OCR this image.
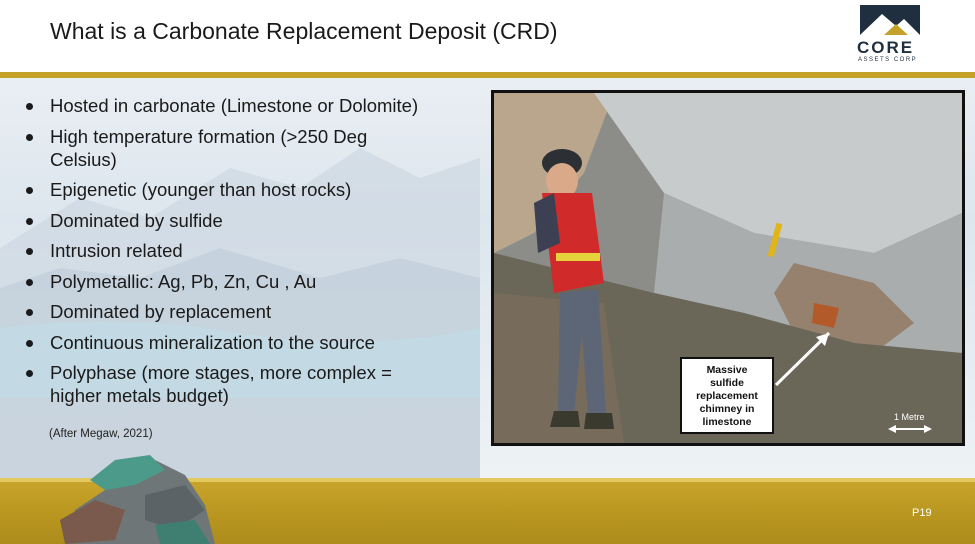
What is a Carbonate Replacement Deposit (CRD)
CORE
ASSETS CORP
Hosted in carbonate (Limestone or Dolomite)
High temperature formation (>250 Deg Celsius)
Epigenetic (younger than host rocks)
Dominated by sulfide
Intrusion related
Polymetallic: Ag, Pb, Zn, Cu , Au
Dominated by replacement
Continuous mineralization to the source
Polyphase (more stages, more complex = higher metals budget)
(After Megaw, 2021)
Massive
sulfide
replacement
chimney in
limestone	1 Metre
P19
